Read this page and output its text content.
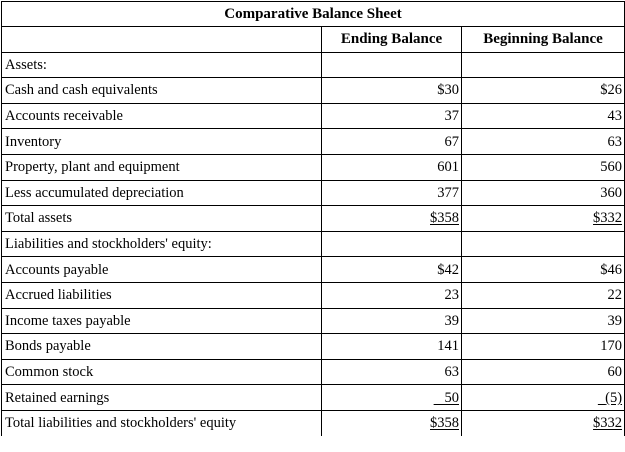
Comparative Balance Sheet		
	Ending Balance	Beginning Balance
Assets:		
Cash and cash equivalents	$30	$26
Accounts receivable	37	43
Inventory	67	63
Property, plant and equipment	601	560
Less accumulated depreciation	377	360
Total assets	$358	$332
Liabilities and stockholders' equity:		
Accounts payable	$42	$46
Accrued liabilities	23	22
Income taxes payable	39	39
Bonds payable	141	170
Common stock	63	60
Retained earnings	50	(5)
Total liabilities and stockholders' equity	$358	$332
